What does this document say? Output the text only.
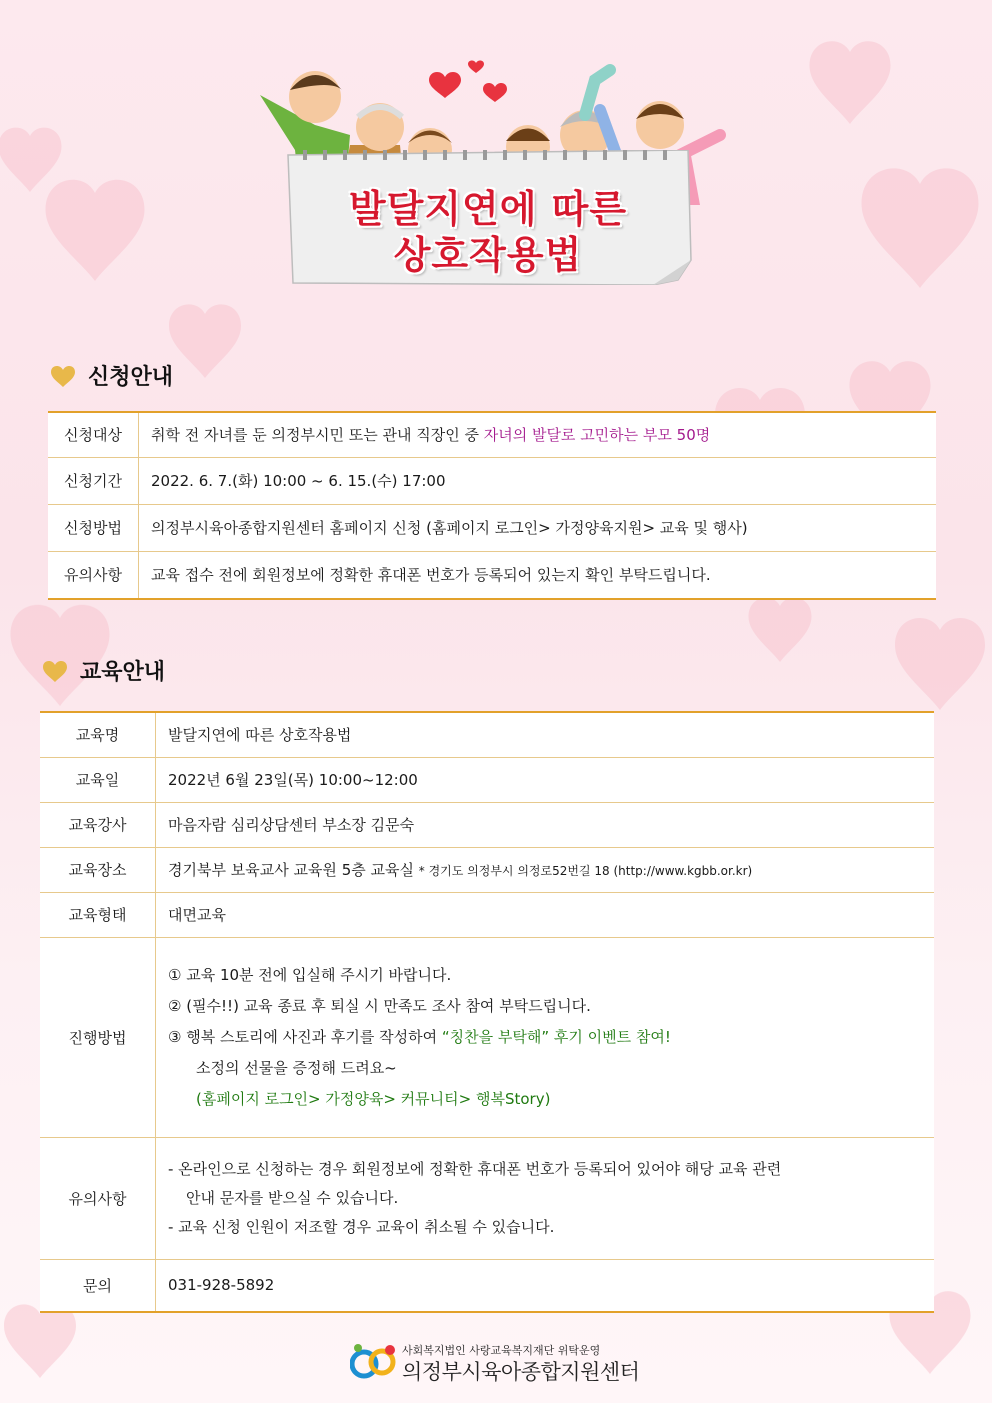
발달지연에 따른
상호작용법
신청안내
신청대상	취학 전 자녀를 둔 의정부시민 또는 관내 직장인 중 자녀의 발달로 고민하는 부모 50명
신청기간	2022. 6. 7.(화) 10:00 ~ 6. 15.(수) 17:00
신청방법	의정부시육아종합지원센터 홈페이지 신청 (홈페이지 로그인> 가정양육지원> 교육 및 행사)
유의사항	교육 접수 전에 회원정보에 정확한 휴대폰 번호가 등록되어 있는지 확인 부탁드립니다.
교육안내
교육명	발달지연에 따른 상호작용법
교육일	2022년 6월 23일(목) 10:00~12:00
교육강사	마음자람 심리상담센터 부소장 김문숙
교육장소	경기북부 보육교사 교육원 5층 교육실 * 경기도 의정부시 의정로52번길 18 (http://www.kgbb.or.kr)
교육형태	대면교육
진행방법	① 교육 10분 전에 입실해 주시기 바랍니다.
② (필수!!) 교육 종료 후 퇴실 시 만족도 조사 참여 부탁드립니다.
③ 행복 스토리에 사진과 후기를 작성하여 “칭찬을 부탁해” 후기 이벤트 참여!
소정의 선물을 증정해 드려요~
(홈페이지 로그인> 가정양육> 커뮤니티> 행복Story)

유의사항	- 온라인으로 신청하는 경우 회원정보에 정확한 휴대폰 번호가 등록되어 있어야 해당 교육 관련
안내 문자를 받으실 수 있습니다.
- 교육 신청 인원이 저조할 경우 교육이 취소될 수 있습니다.

문의	031-928-5892
사회복지법인 사랑교육복지재단 위탁운영
의정부시육아종합지원센터
